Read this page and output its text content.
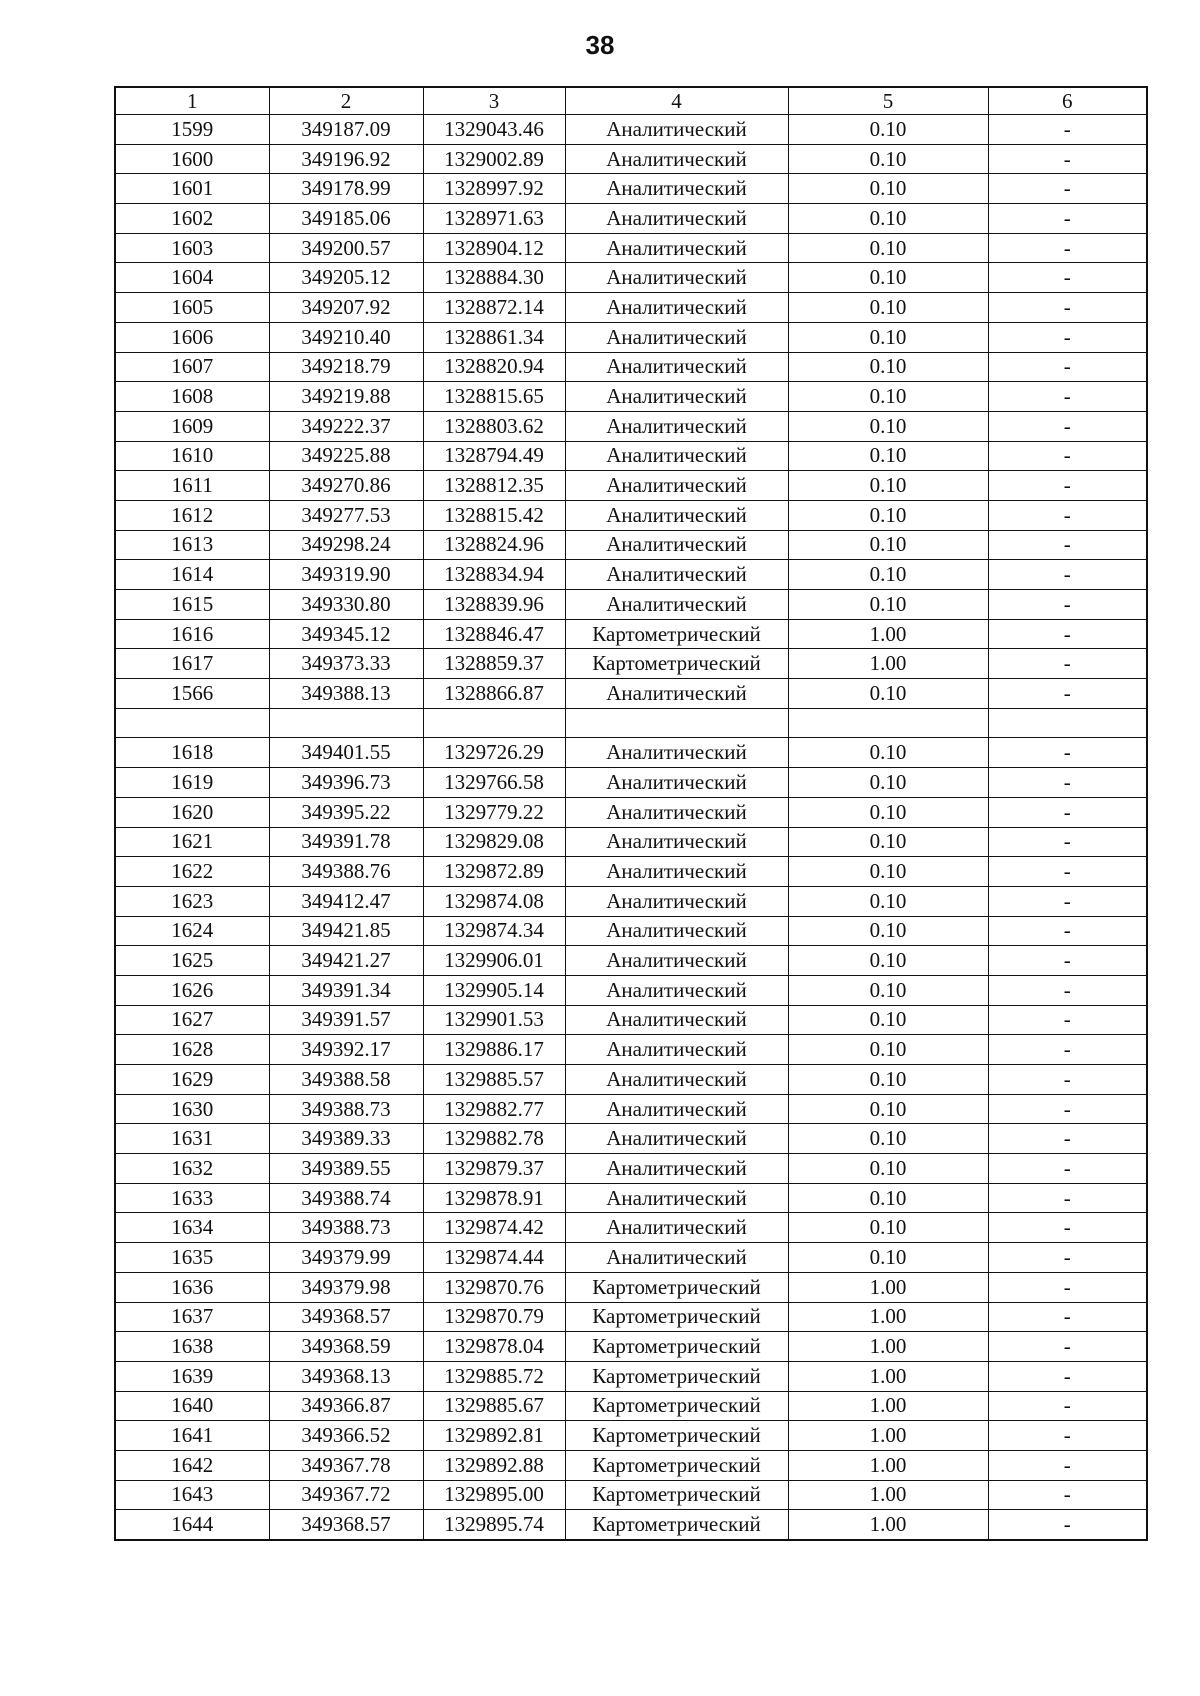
38
1	2	3	4	5	6
1599	349187.09	1329043.46	Аналитический	0.10	-
1600	349196.92	1329002.89	Аналитический	0.10	-
1601	349178.99	1328997.92	Аналитический	0.10	-
1602	349185.06	1328971.63	Аналитический	0.10	-
1603	349200.57	1328904.12	Аналитический	0.10	-
1604	349205.12	1328884.30	Аналитический	0.10	-
1605	349207.92	1328872.14	Аналитический	0.10	-
1606	349210.40	1328861.34	Аналитический	0.10	-
1607	349218.79	1328820.94	Аналитический	0.10	-
1608	349219.88	1328815.65	Аналитический	0.10	-
1609	349222.37	1328803.62	Аналитический	0.10	-
1610	349225.88	1328794.49	Аналитический	0.10	-
1611	349270.86	1328812.35	Аналитический	0.10	-
1612	349277.53	1328815.42	Аналитический	0.10	-
1613	349298.24	1328824.96	Аналитический	0.10	-
1614	349319.90	1328834.94	Аналитический	0.10	-
1615	349330.80	1328839.96	Аналитический	0.10	-
1616	349345.12	1328846.47	Картометрический	1.00	-
1617	349373.33	1328859.37	Картометрический	1.00	-
1566	349388.13	1328866.87	Аналитический	0.10	-

1618	349401.55	1329726.29	Аналитический	0.10	-
1619	349396.73	1329766.58	Аналитический	0.10	-
1620	349395.22	1329779.22	Аналитический	0.10	-
1621	349391.78	1329829.08	Аналитический	0.10	-
1622	349388.76	1329872.89	Аналитический	0.10	-
1623	349412.47	1329874.08	Аналитический	0.10	-
1624	349421.85	1329874.34	Аналитический	0.10	-
1625	349421.27	1329906.01	Аналитический	0.10	-
1626	349391.34	1329905.14	Аналитический	0.10	-
1627	349391.57	1329901.53	Аналитический	0.10	-
1628	349392.17	1329886.17	Аналитический	0.10	-
1629	349388.58	1329885.57	Аналитический	0.10	-
1630	349388.73	1329882.77	Аналитический	0.10	-
1631	349389.33	1329882.78	Аналитический	0.10	-
1632	349389.55	1329879.37	Аналитический	0.10	-
1633	349388.74	1329878.91	Аналитический	0.10	-
1634	349388.73	1329874.42	Аналитический	0.10	-
1635	349379.99	1329874.44	Аналитический	0.10	-
1636	349379.98	1329870.76	Картометрический	1.00	-
1637	349368.57	1329870.79	Картометрический	1.00	-
1638	349368.59	1329878.04	Картометрический	1.00	-
1639	349368.13	1329885.72	Картометрический	1.00	-
1640	349366.87	1329885.67	Картометрический	1.00	-
1641	349366.52	1329892.81	Картометрический	1.00	-
1642	349367.78	1329892.88	Картометрический	1.00	-
1643	349367.72	1329895.00	Картометрический	1.00	-
1644	349368.57	1329895.74	Картометрический	1.00	-
